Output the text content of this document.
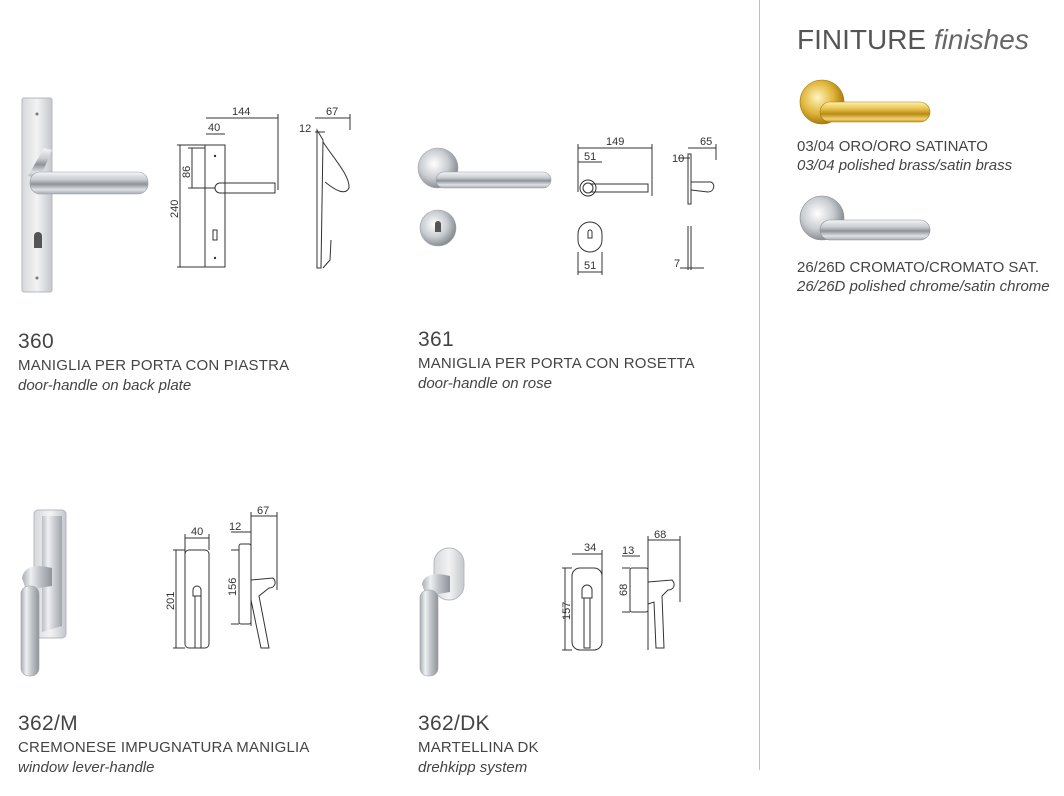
144
40
86
240
67
12

360

MANIGLIA PER PORTA CON PIASTRA

door-handle on back plate

149
51
51
65
10
7

361

MANIGLIA PER PORTA CON ROSETTA

door-handle on rose

40
201
67
12
156

362/M

CREMONESE IMPUGNATURA MANIGLIA

window lever-handle

34
157
68
13
68

362/DK

MARTELLINA DK

drehkipp system

FINITURE finishes

03/04 ORO/ORO SATINATO

03/04 polished brass/satin brass

26/26D CROMATO/CROMATO SAT.

26/26D polished chrome/satin chrome
